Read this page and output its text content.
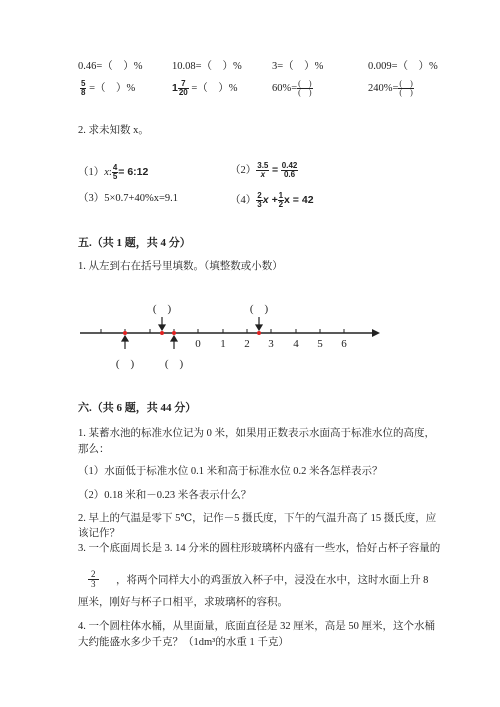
0.46=（　）%	10.08=（　）%	3=（　）%	0.009=（　）%
$\frac{5}{8}$ =（　）%	$1 \frac{7}{20}$ =（　）%	$60\%= \frac{( )}{( )}$	$240\%= \frac{( )}{( )}$
2. 求未知数 x。
（1）x: $\frac{4}{5}$ = 6:12	$(2) \frac{3.5}{x} = \frac{0.42}{0.6}$
（3）5×0.7+40%x=9.1	$(4) \frac{2}{3}$ $x + \frac{1}{2}$ x = 42
五.（共 1 题，共 4 分）
1. 从左到右在括号里填数。（填整数或小数）
0 1 2 3 4 5 6
(　)	(　)
(　)	(　)
六.（共 6 题，共 44 分）
1. 某蓄水池的标准水位记为 0 米，如果用正数表示水面高于标准水位的高度，
那么：
（1）水面低于标准水位 0.1 米和高于标准水位 0.2 米各怎样表示？
（2）0.18 米和－0.23 米各表示什么？
2. 早上的气温是零下 5℃，记作－5 摄氏度，下午的气温升高了 15 摄氏度，应
该记作？
3. 一个底面周长是 3. 14 分米的圆柱形玻璃杯内盛有一些水，恰好占杯子容量的
$\frac{2}{3}$ ，将两个同样大小的鸡蛋放入杯子中，浸没在水中，这时水面上升 8
厘米，刚好与杯子口相平，求玻璃杯的容积。
4. 一个圆柱体水桶，从里面量，底面直径是 32 厘米，高是 50 厘米，这个水桶
大约能盛水多少千克？（1dm³的水重 1 千克）
